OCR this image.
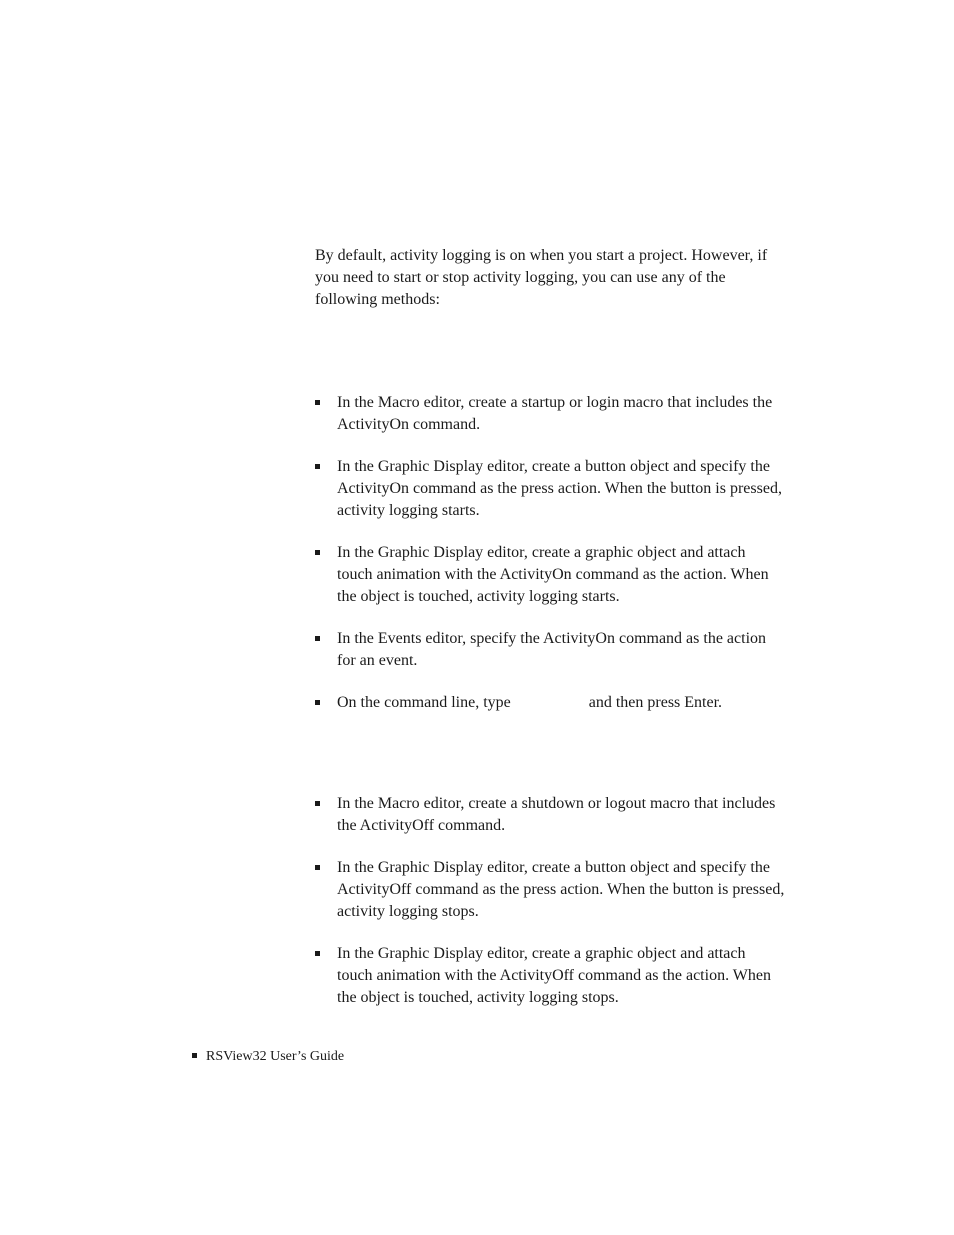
By default, activity logging is on when you start a project. However, if you need to start or stop activity logging, you can use any of the following methods:

In the Macro editor, create a startup or login macro that includes the ActivityOn command.
In the Graphic Display editor, create a button object and specify the ActivityOn command as the press action. When the button is pressed, activity logging starts.
In the Graphic Display editor, create a graphic object and attach touch animation with the ActivityOn command as the action. When the object is touched, activity logging starts.
In the Events editor, specify the ActivityOn command as the action for an event.
On the command line, type	and then press Enter.
In the Macro editor, create a shutdown or logout macro that includes the ActivityOff command.
In the Graphic Display editor, create a button object and specify the ActivityOff command as the press action. When the button is pressed, activity logging stops.
In the Graphic Display editor, create a graphic object and attach touch animation with the ActivityOff command as the action. When the object is touched, activity logging stops.
RSView32 User’s Guide
